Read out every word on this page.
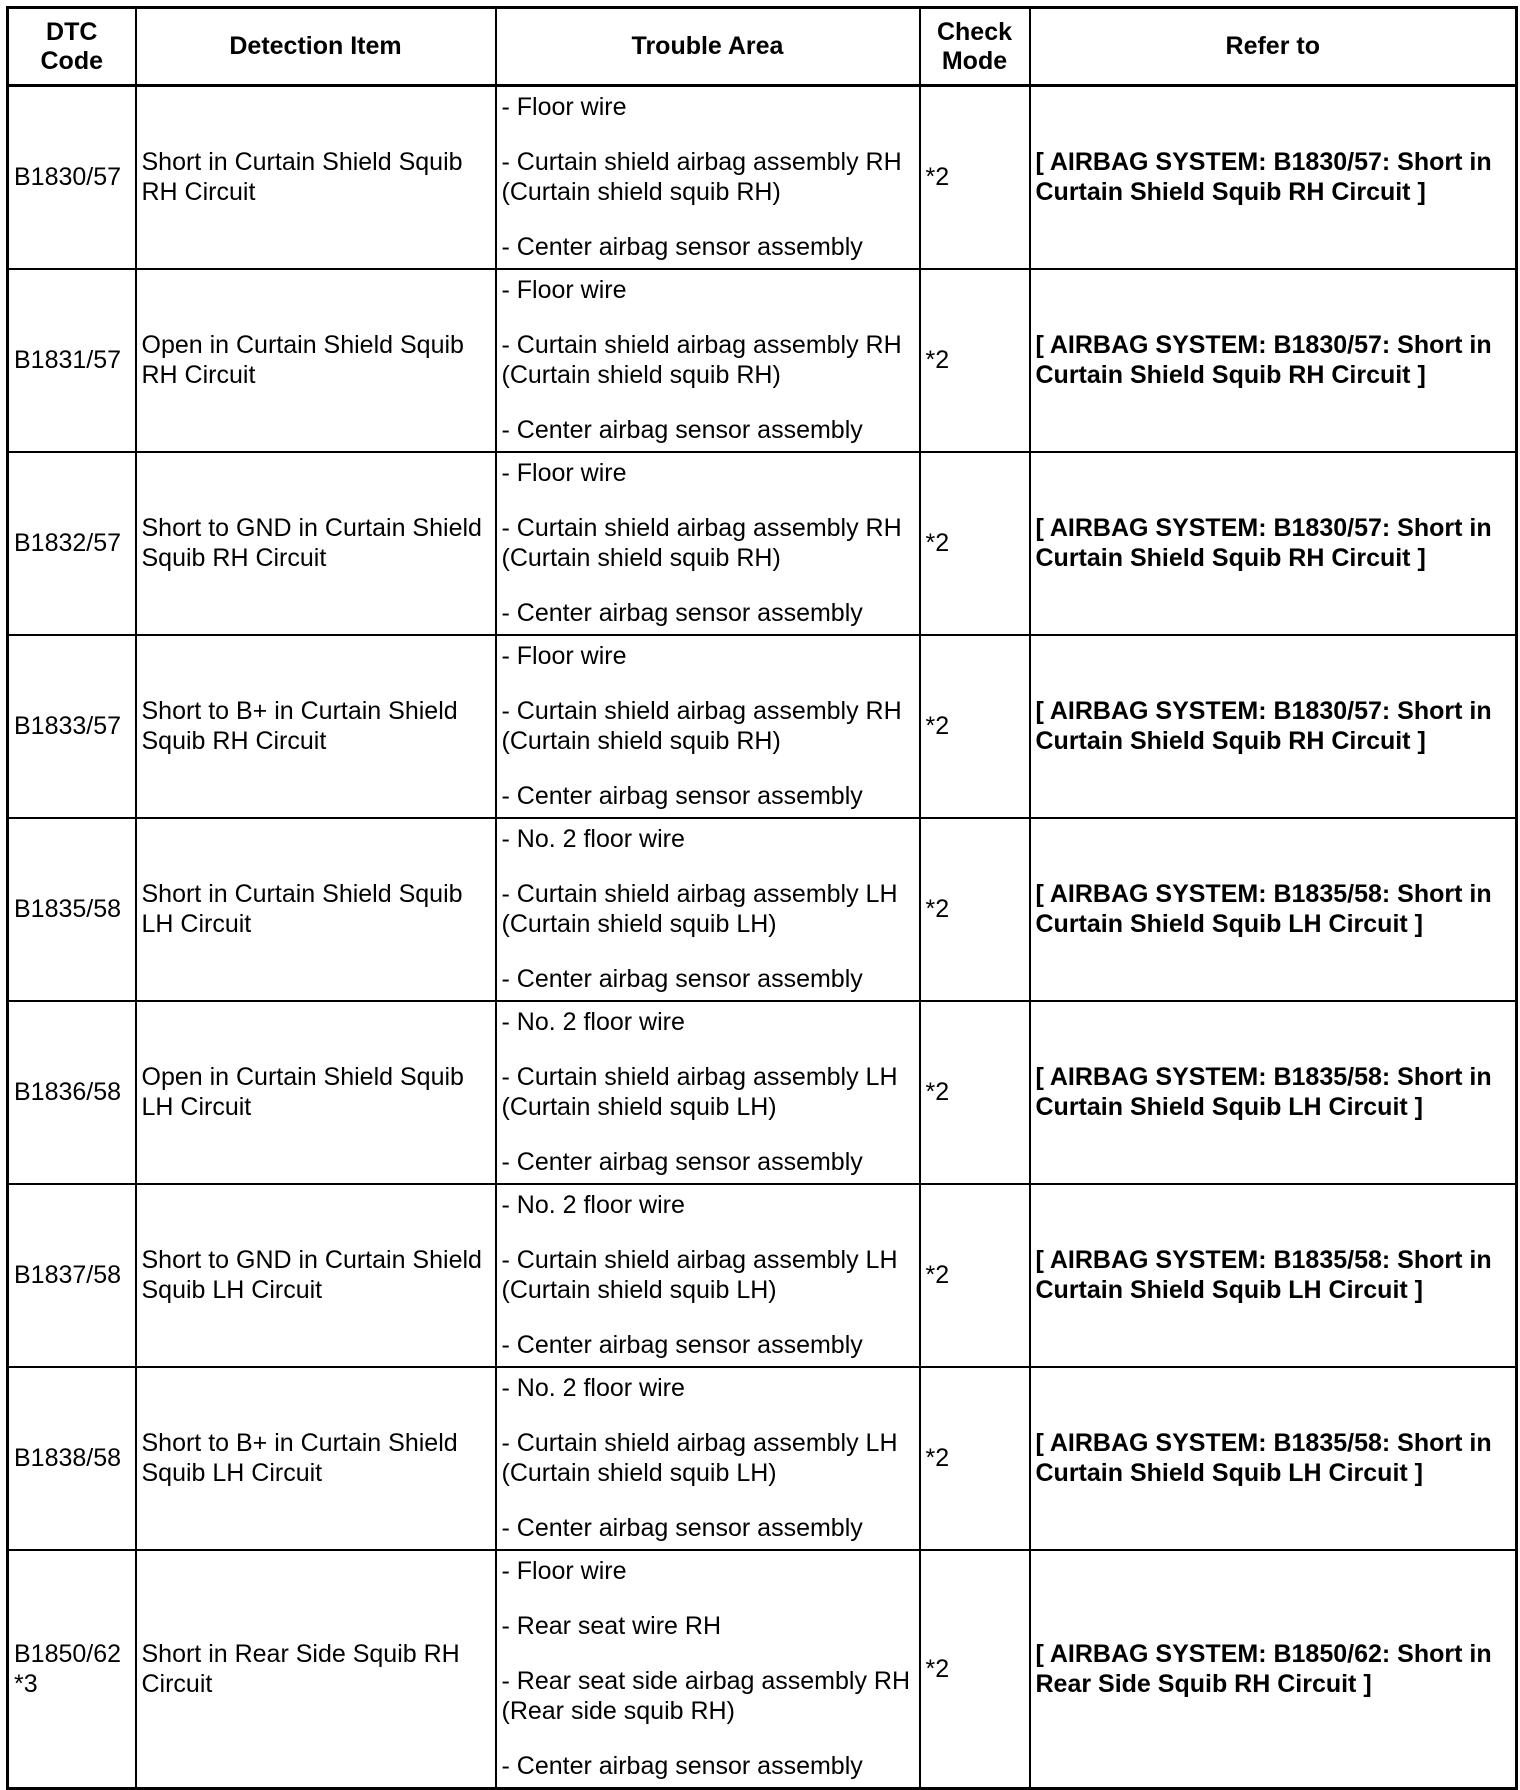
DTC Code	Detection Item	Trouble Area	Check Mode	Refer to
B1830/57	Short in Curtain Shield Squib RH Circuit	- Floor wire
- Curtain shield airbag assembly RH (Curtain shield squib RH)
- Center airbag sensor assembly	*2	[ AIRBAG SYSTEM: B1830/57: Short in Curtain Shield Squib RH Circuit ]
B1831/57	Open in Curtain Shield Squib RH Circuit	- Floor wire
- Curtain shield airbag assembly RH (Curtain shield squib RH)
- Center airbag sensor assembly	*2	[ AIRBAG SYSTEM: B1830/57: Short in Curtain Shield Squib RH Circuit ]
B1832/57	Short to GND in Curtain Shield Squib RH Circuit	- Floor wire
- Curtain shield airbag assembly RH (Curtain shield squib RH)
- Center airbag sensor assembly	*2	[ AIRBAG SYSTEM: B1830/57: Short in Curtain Shield Squib RH Circuit ]
B1833/57	Short to B+ in Curtain Shield Squib RH Circuit	- Floor wire
- Curtain shield airbag assembly RH (Curtain shield squib RH)
- Center airbag sensor assembly	*2	[ AIRBAG SYSTEM: B1830/57: Short in Curtain Shield Squib RH Circuit ]
B1835/58	Short in Curtain Shield Squib LH Circuit	- No. 2 floor wire
- Curtain shield airbag assembly LH (Curtain shield squib LH)
- Center airbag sensor assembly	*2	[ AIRBAG SYSTEM: B1835/58: Short in Curtain Shield Squib LH Circuit ]
B1836/58	Open in Curtain Shield Squib LH Circuit	- No. 2 floor wire
- Curtain shield airbag assembly LH (Curtain shield squib LH)
- Center airbag sensor assembly	*2	[ AIRBAG SYSTEM: B1835/58: Short in Curtain Shield Squib LH Circuit ]
B1837/58	Short to GND in Curtain Shield Squib LH Circuit	- No. 2 floor wire
- Curtain shield airbag assembly LH (Curtain shield squib LH)
- Center airbag sensor assembly	*2	[ AIRBAG SYSTEM: B1835/58: Short in Curtain Shield Squib LH Circuit ]
B1838/58	Short to B+ in Curtain Shield Squib LH Circuit	- No. 2 floor wire
- Curtain shield airbag assembly LH (Curtain shield squib LH)
- Center airbag sensor assembly	*2	[ AIRBAG SYSTEM: B1835/58: Short in Curtain Shield Squib LH Circuit ]
B1850/62 *3	Short in Rear Side Squib RH Circuit	- Floor wire
- Rear seat wire RH
- Rear seat side airbag assembly RH (Rear side squib RH)
- Center airbag sensor assembly	*2	[ AIRBAG SYSTEM: B1850/62: Short in Rear Side Squib RH Circuit ]
